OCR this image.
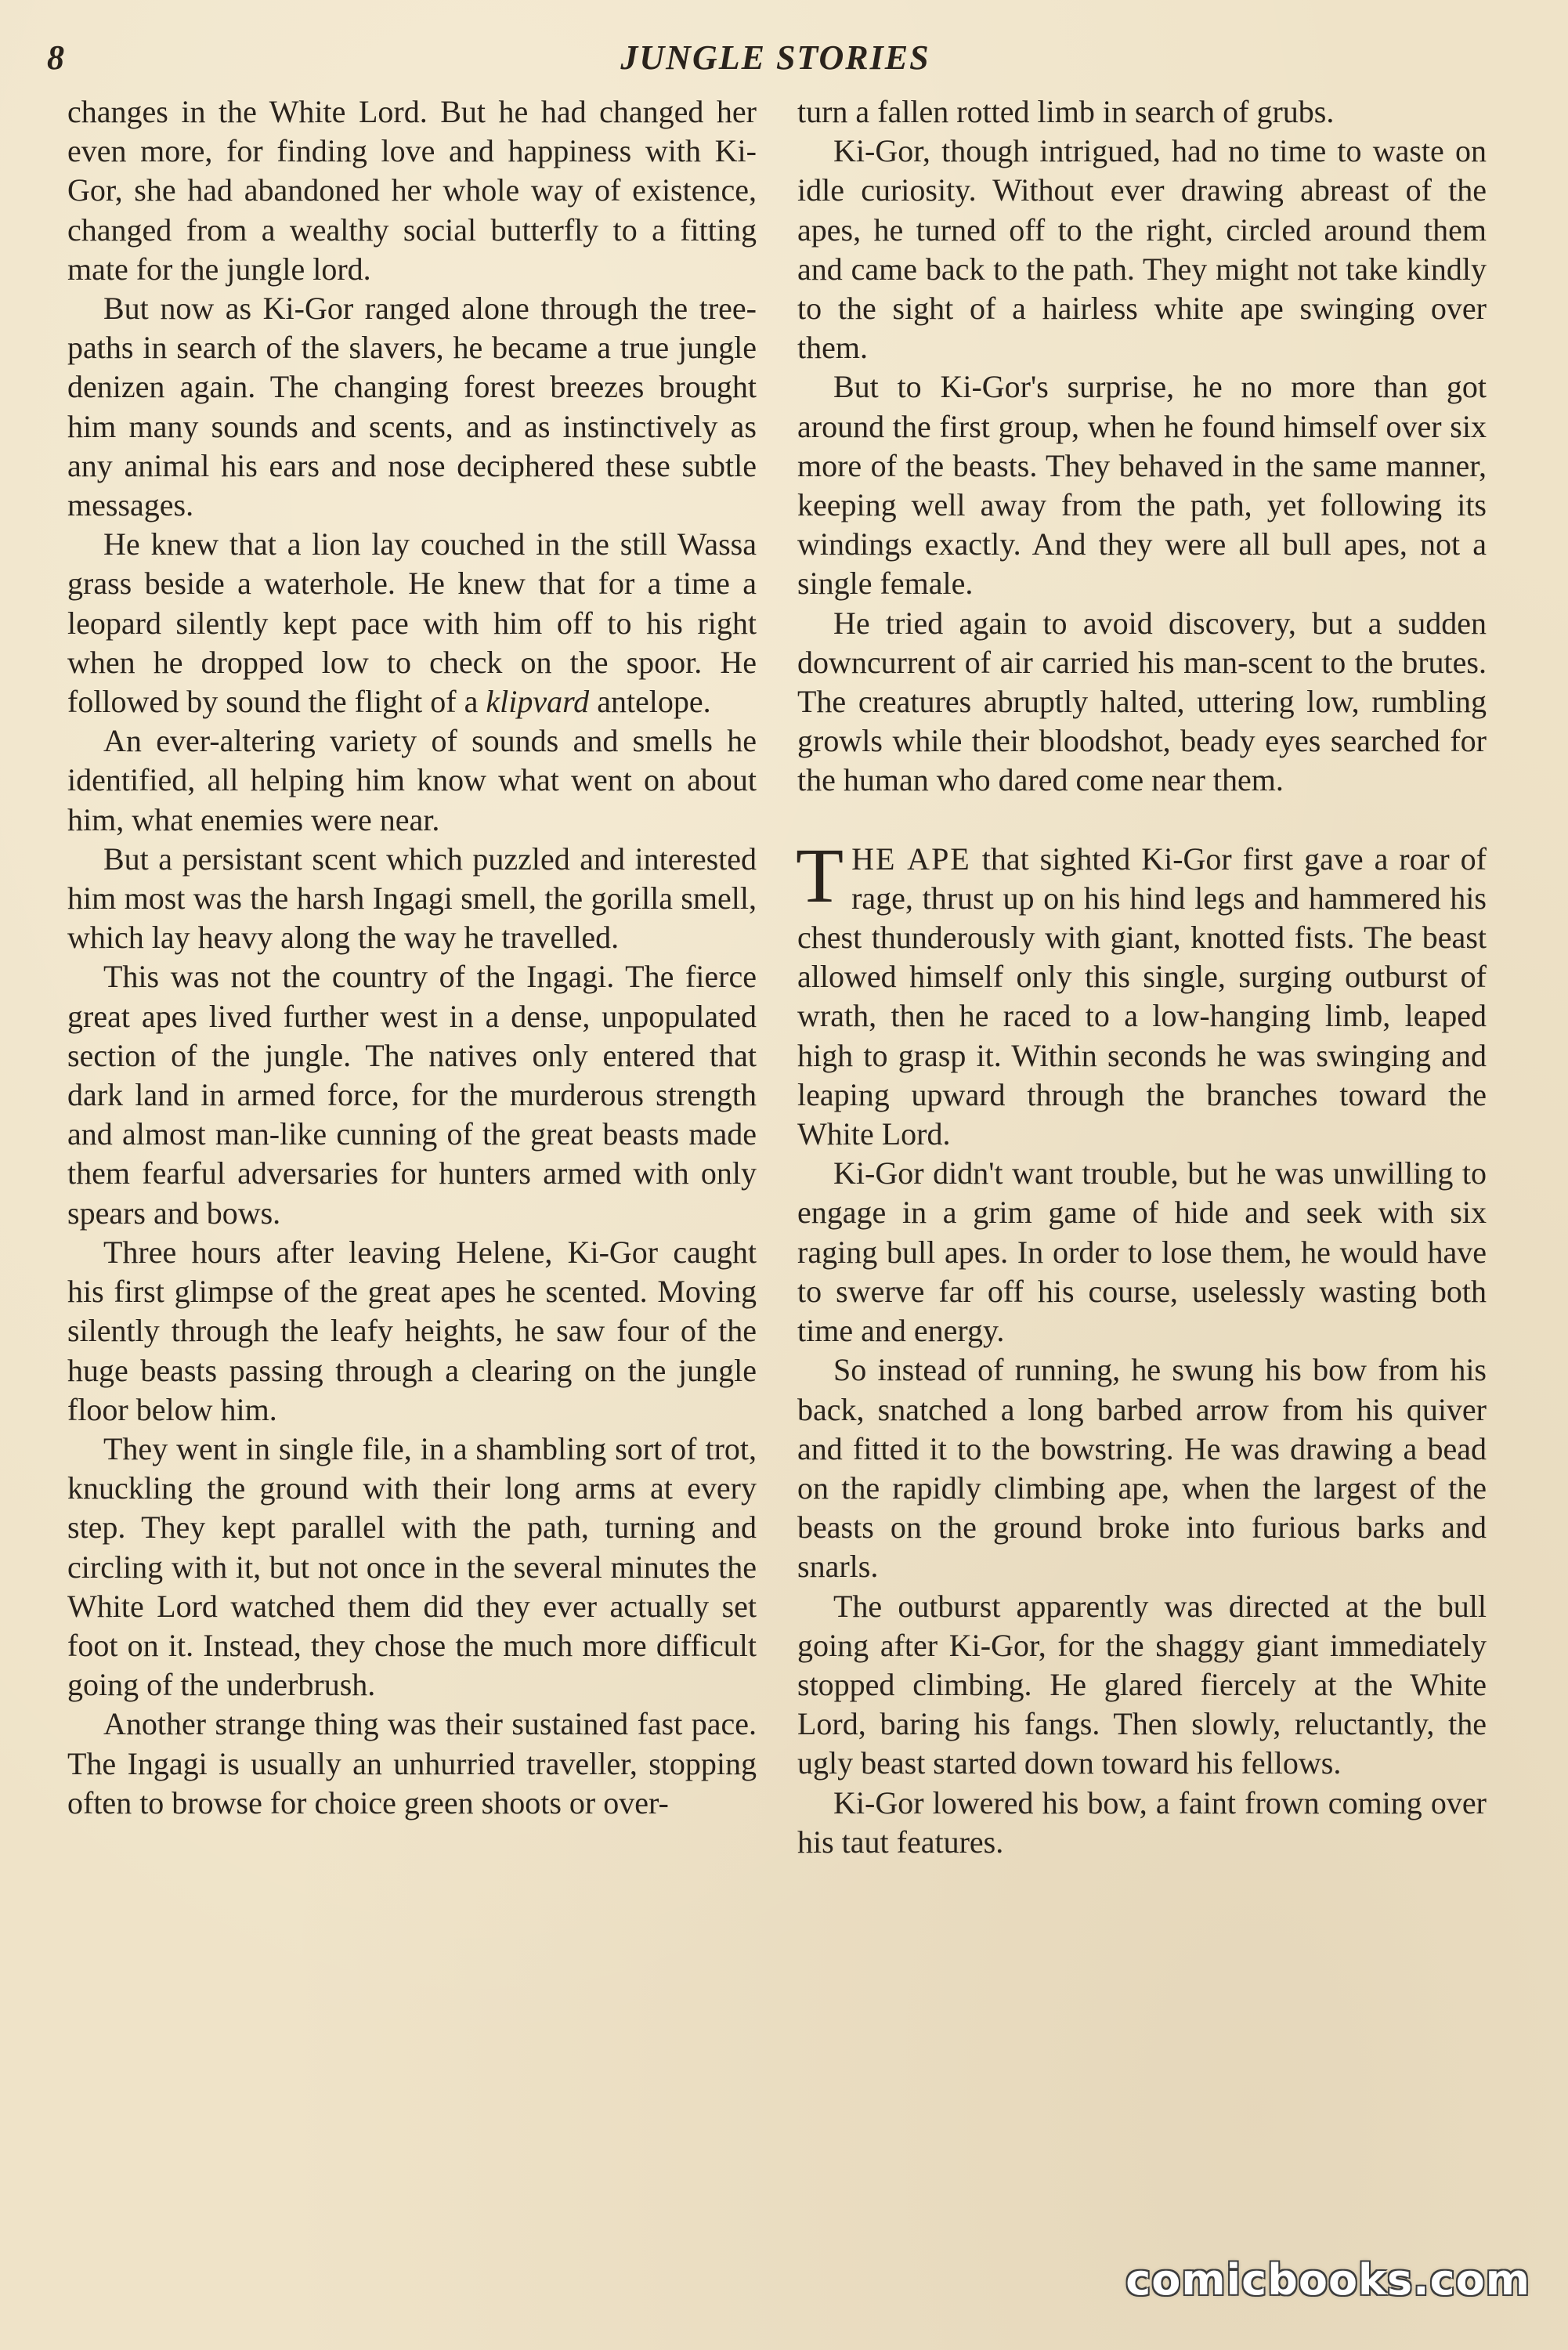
8	JUNGLE STORIES

changes in the White Lord. But he had changed her even more, for finding love and happiness with Ki-Gor, she had abandoned her whole way of existence, changed from a wealthy social butterfly to a fitting mate for the jungle lord.

But now as Ki-Gor ranged alone through the tree-paths in search of the slavers, he became a true jungle denizen again. The changing forest breezes brought him many sounds and scents, and as instinctively as any animal his ears and nose deciphered these subtle messages.

He knew that a lion lay couched in the still Wassa grass beside a waterhole. He knew that for a time a leopard silently kept pace with him off to his right when he dropped low to check on the spoor. He followed by sound the flight of a klipvard antelope.

An ever-altering variety of sounds and smells he identified, all helping him know what went on about him, what enemies were near.

But a persistant scent which puzzled and interested him most was the harsh Ingagi smell, the gorilla smell, which lay heavy along the way he travelled.

This was not the country of the Ingagi. The fierce great apes lived further west in a dense, unpopulated section of the jungle. The natives only entered that dark land in armed force, for the murderous strength and almost man-like cunning of the great beasts made them fearful adversaries for hunters armed with only spears and bows.

Three hours after leaving Helene, Ki-Gor caught his first glimpse of the great apes he scented. Moving silently through the leafy heights, he saw four of the huge beasts passing through a clearing on the jungle floor below him.

They went in single file, in a shambling sort of trot, knuckling the ground with their long arms at every step. They kept parallel with the path, turning and circling with it, but not once in the several minutes the White Lord watched them did they ever actually set foot on it. Instead, they chose the much more difficult going of the underbrush.

Another strange thing was their sustained fast pace. The Ingagi is usually an unhurried traveller, stopping often to browse for choice green shoots or over-

turn a fallen rotted limb in search of grubs.

Ki-Gor, though intrigued, had no time to waste on idle curiosity. Without ever drawing abreast of the apes, he turned off to the right, circled around them and came back to the path. They might not take kindly to the sight of a hairless white ape swinging over them.

But to Ki-Gor's surprise, he no more than got around the first group, when he found himself over six more of the beasts. They behaved in the same manner, keeping well away from the path, yet following its windings exactly. And they were all bull apes, not a single female.

He tried again to avoid discovery, but a sudden downcurrent of air carried his man-scent to the brutes. The creatures abruptly halted, uttering low, rumbling growls while their bloodshot, beady eyes searched for the human who dared come near them.

THE APE that sighted Ki-Gor first gave a roar of rage, thrust up on his hind legs and hammered his chest thunderously with giant, knotted fists. The beast allowed himself only this single, surging outburst of wrath, then he raced to a low-hanging limb, leaped high to grasp it. Within seconds he was swinging and leaping upward through the branches toward the White Lord.

Ki-Gor didn't want trouble, but he was unwilling to engage in a grim game of hide and seek with six raging bull apes. In order to lose them, he would have to swerve far off his course, uselessly wasting both time and energy.

So instead of running, he swung his bow from his back, snatched a long barbed arrow from his quiver and fitted it to the bowstring. He was drawing a bead on the rapidly climbing ape, when the largest of the beasts on the ground broke into furious barks and snarls.

The outburst apparently was directed at the bull going after Ki-Gor, for the shaggy giant immediately stopped climbing. He glared fiercely at the White Lord, baring his fangs. Then slowly, reluctantly, the ugly beast started down toward his fellows.

Ki-Gor lowered his bow, a faint frown coming over his taut features.

comicbooks.com
